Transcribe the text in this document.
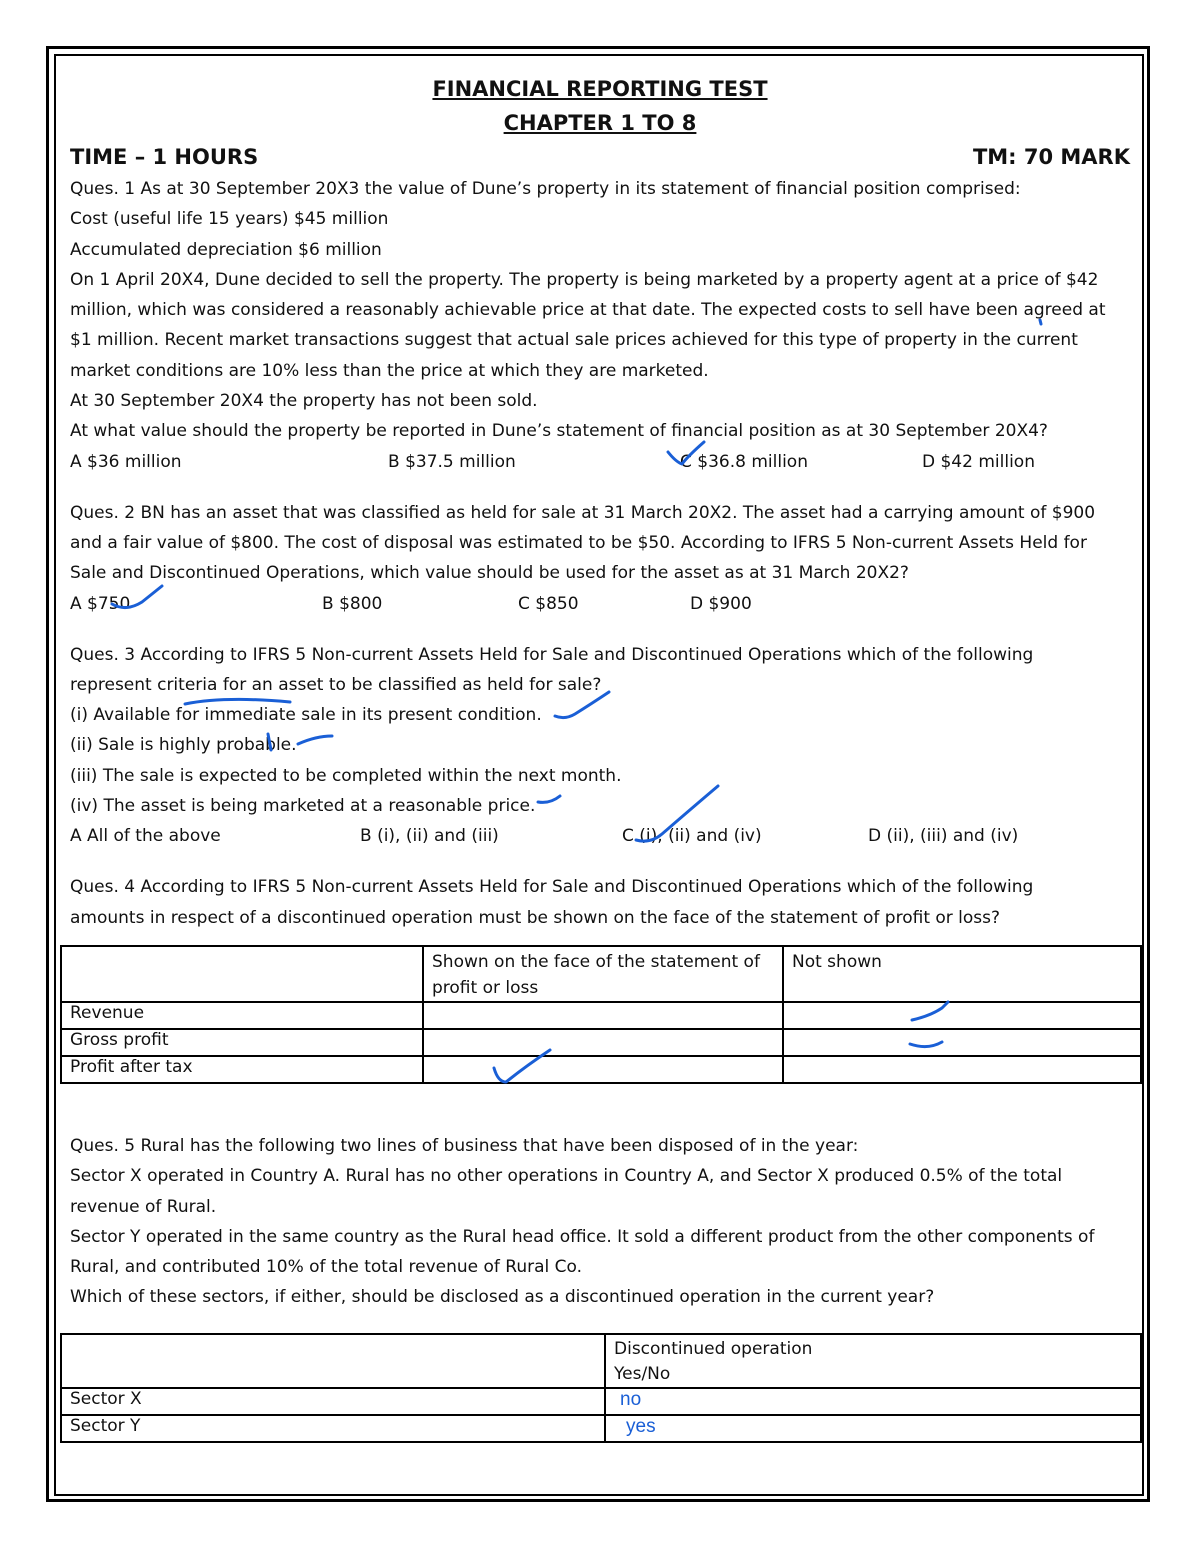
FINANCIAL REPORTING TEST
CHAPTER 1 TO 8
TIME – 1 HOURS	TM: 70 MARK
Ques. 1 As at 30 September 20X3 the value of Dune’s property in its statement of financial position comprised:
Cost (useful life 15 years) $45 million
Accumulated depreciation $6 million
On 1 April 20X4, Dune decided to sell the property. The property is being marketed by a property agent at a price of $42
million, which was considered a reasonably achievable price at that date. The expected costs to sell have been agreed at
$1 million. Recent market transactions suggest that actual sale prices achieved for this type of property in the current
market conditions are 10% less than the price at which they are marketed.
At 30 September 20X4 the property has not been sold.
At what value should the property be reported in Dune’s statement of financial position as at 30 September 20X4?
A $36 million	B $37.5 million	C $36.8 million	D $42 million
Ques. 2 BN has an asset that was classified as held for sale at 31 March 20X2. The asset had a carrying amount of $900
and a fair value of $800. The cost of disposal was estimated to be $50. According to IFRS 5 Non-current Assets Held for
Sale and Discontinued Operations, which value should be used for the asset as at 31 March 20X2?
A $750	B $800	C $850	D $900
Ques. 3 According to IFRS 5 Non-current Assets Held for Sale and Discontinued Operations which of the following
represent criteria for an asset to be classified as held for sale?
(i) Available for immediate sale in its present condition.
(ii) Sale is highly probable.
(iii) The sale is expected to be completed within the next month.
(iv) The asset is being marketed at a reasonable price.
A All of the above	B (i), (ii) and (iii)	C (i), (ii) and (iv)	D (ii), (iii) and (iv)
Ques. 4 According to IFRS 5 Non-current Assets Held for Sale and Discontinued Operations which of the following
amounts in respect of a discontinued operation must be shown on the face of the statement of profit or loss?
	Shown on the face of the statement of profit or loss	Not shown
Revenue		
Gross profit		
Profit after tax		
Ques. 5 Rural has the following two lines of business that have been disposed of in the year:
Sector X operated in Country A. Rural has no other operations in Country A, and Sector X produced 0.5% of the total
revenue of Rural.
Sector Y operated in the same country as the Rural head office. It sold a different product from the other components of
Rural, and contributed 10% of the total revenue of Rural Co.
Which of these sectors, if either, should be disclosed as a discontinued operation in the current year?

	Discontinued operation
Yes/No

Sector X	no
Sector Y	yes
